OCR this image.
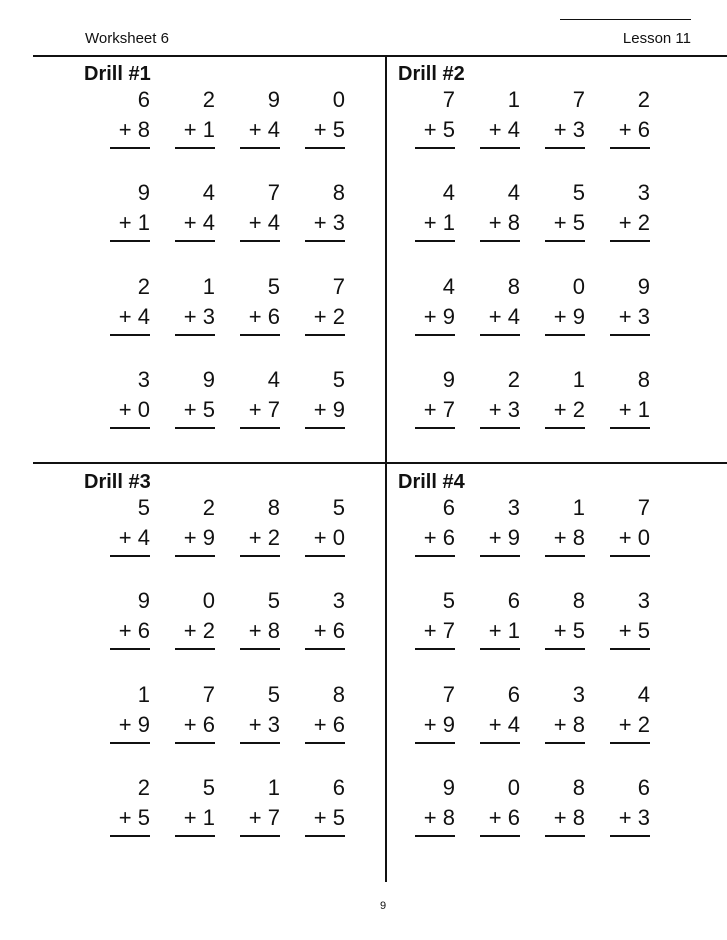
Worksheet 6	Lesson 11
Drill #1
6
+ 8
2
+ 1
9
+ 4
0
+ 5
9
+ 1
4
+ 4
7
+ 4
8
+ 3
2
+ 4
1
+ 3
5
+ 6
7
+ 2
3
+ 0
9
+ 5
4
+ 7
5
+ 9
Drill #2
7
+ 5
1
+ 4
7
+ 3
2
+ 6
4
+ 1
4
+ 8
5
+ 5
3
+ 2
4
+ 9
8
+ 4
0
+ 9
9
+ 3
9
+ 7
2
+ 3
1
+ 2
8
+ 1
Drill #3
5
+ 4
2
+ 9
8
+ 2
5
+ 0
9
+ 6
0
+ 2
5
+ 8
3
+ 6
1
+ 9
7
+ 6
5
+ 3
8
+ 6
2
+ 5
5
+ 1
1
+ 7
6
+ 5
Drill #4
6
+ 6
3
+ 9
1
+ 8
7
+ 0
5
+ 7
6
+ 1
8
+ 5
3
+ 5
7
+ 9
6
+ 4
3
+ 8
4
+ 2
9
+ 8
0
+ 6
8
+ 8
6
+ 3
9
